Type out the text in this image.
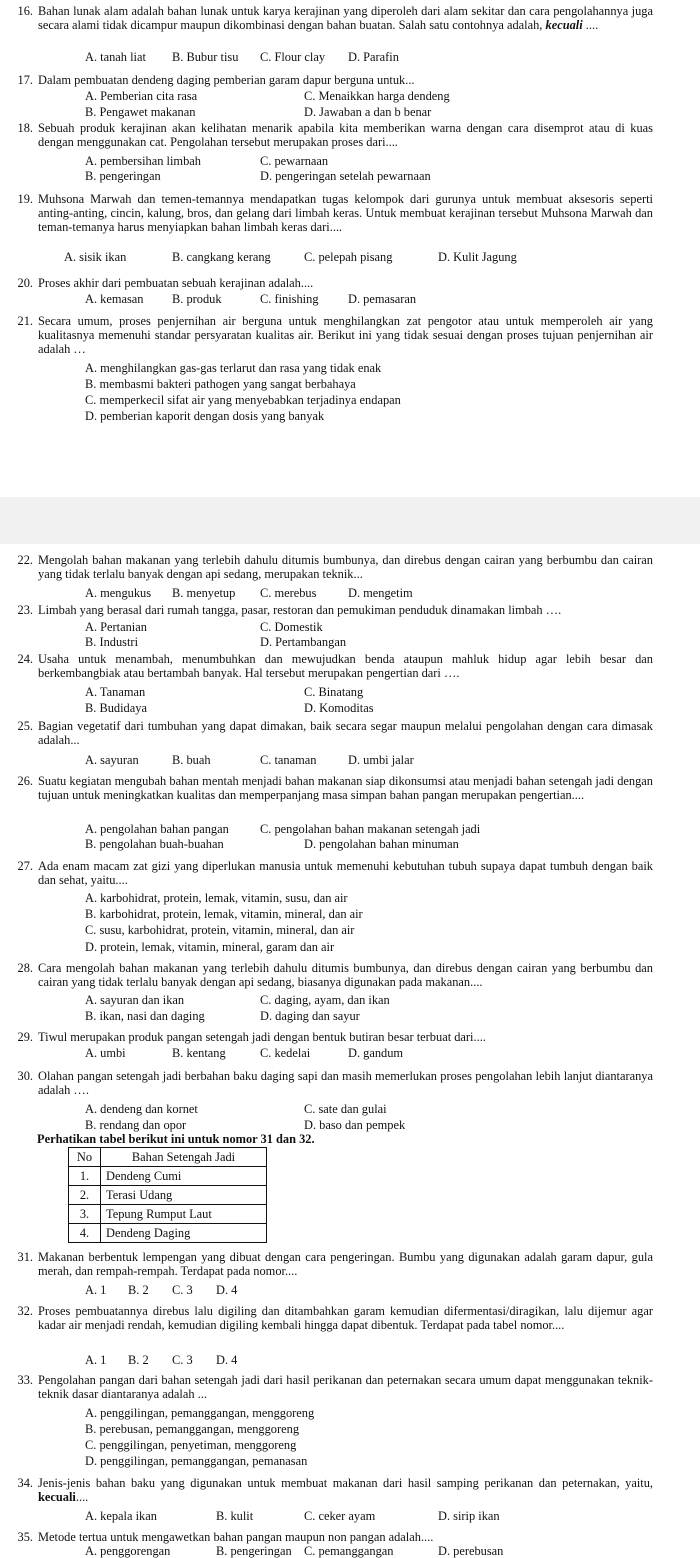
16. Bahan lunak alam adalah bahan lunak untuk karya kerajinan yang diperoleh dari alam sekitar dan cara pengolahannya juga secara alami tidak dicampur maupun dikombinasi dengan bahan buatan. Salah satu contohnya adalah, kecuali ....
A. tanah liat B. Bubur tisu C. Flour clay D. Parafin
17. Dalam pembuatan dendeng daging pemberian garam dapur berguna untuk...
A. Pemberian cita rasa	C. Menaikkan harga dendeng
B. Pengawet makanan	D. Jawaban a dan b benar
18. Sebuah produk kerajinan akan kelihatan menarik apabila kita memberikan warna dengan cara disemprot atau di kuas dengan menggunakan cat. Pengolahan tersebut merupakan proses dari....
A. pembersihan limbah	C. pewarnaan
B. pengeringan	D. pengeringan setelah pewarnaan
19. Muhsona Marwah dan temen-temannya mendapatkan tugas kelompok dari gurunya untuk membuat aksesoris seperti anting-anting, cincin, kalung, bros, dan gelang dari limbah keras. Untuk membuat kerajinan tersebut Muhsona Marwah dan teman-temanya harus menyiapkan bahan limbah keras dari....
A. sisik ikan	B. cangkang kerang	C. pelepah pisang	D. Kulit Jagung
20. Proses akhir dari pembuatan sebuah kerajinan adalah....
A. kemasan B. produk	C. finishing D. pemasaran
21. Secara umum, proses penjernihan air berguna untuk menghilangkan zat pengotor atau untuk memperoleh air yang kualitasnya memenuhi standar persyaratan kualitas air. Berikut ini yang tidak sesuai dengan proses tujuan penjernihan air adalah …
A. menghilangkan gas-gas terlarut dan rasa yang tidak enak
B. membasmi bakteri pathogen yang sangat berbahaya
C. memperkecil sifat air yang menyebabkan terjadinya endapan
D. pemberian kaporit dengan dosis yang banyak
22. Mengolah bahan makanan yang terlebih dahulu ditumis bumbunya, dan direbus dengan cairan yang berbumbu dan cairan yang tidak terlalu banyak dengan api sedang, merupakan teknik...
A. mengukus B. menyetup C. merebus	D. mengetim
23. Limbah yang berasal dari rumah tangga, pasar, restoran dan pemukiman penduduk dinamakan limbah ….
A. Pertanian	C. Domestik
B. Industri	D. Pertambangan
24. Usaha untuk menambah, menumbuhkan dan mewujudkan benda ataupun mahluk hidup agar lebih besar dan berkembangbiak atau bertambah banyak. Hal tersebut merupakan pengertian dari ….
A. Tanaman	C. Binatang
B. Budidaya	D. Komoditas
25. Bagian vegetatif dari tumbuhan yang dapat dimakan, baik secara segar maupun melalui pengolahan dengan cara dimasak adalah...
A. sayuran	B. buah	C. tanaman	D. umbi jalar
26. Suatu kegiatan mengubah bahan mentah menjadi bahan makanan siap dikonsumsi atau menjadi bahan setengah jadi dengan tujuan untuk meningkatkan kualitas dan memperpanjang masa simpan bahan pangan merupakan pengertian....
A. pengolahan bahan pangan	C. pengolahan bahan makanan setengah jadi
B. pengolahan buah-buahan	D. pengolahan bahan minuman
27. Ada enam macam zat gizi yang diperlukan manusia untuk memenuhi kebutuhan tubuh supaya dapat tumbuh dengan baik dan sehat, yaitu....
A. karbohidrat, protein, lemak, vitamin, susu, dan air
B. karbohidrat, protein, lemak, vitamin, mineral, dan air
C. susu, karbohidrat, protein, vitamin, mineral, dan air
D. protein, lemak, vitamin, mineral, garam dan air
28. Cara mengolah bahan makanan yang terlebih dahulu ditumis bumbunya, dan direbus dengan cairan yang berbumbu dan cairan yang tidak terlalu banyak dengan api sedang, biasanya digunakan pada makanan....
A. sayuran dan ikan	C. daging, ayam, dan ikan
B. ikan, nasi dan daging	D. daging dan sayur
29. Tiwul merupakan produk pangan setengah jadi dengan bentuk butiran besar terbuat dari....
A. umbi	B. kentang	C. kedelai	D. gandum
30. Olahan pangan setengah jadi berbahan baku daging sapi dan masih memerlukan proses pengolahan lebih lanjut diantaranya adalah ….
A. dendeng dan kornet	C. sate dan gulai
B. rendang dan opor	D. baso dan pempek
Perhatikan tabel berikut ini untuk nomor 31 dan 32.
No	Bahan Setengah Jadi
1.	Dendeng Cumi
2.	Terasi Udang
3.	Tepung Rumput Laut
4.	Dendeng Daging
31. Makanan berbentuk lempengan yang dibuat dengan cara pengeringan. Bumbu yang digunakan adalah garam dapur, gula merah, dan rempah-rempah. Terdapat pada nomor....
A. 1 B. 2 C. 3 D. 4
32. Proses pembuatannya direbus lalu digiling dan ditambahkan garam kemudian difermentasi/diragikan, lalu dijemur agar kadar air menjadi rendah, kemudian digiling kembali hingga dapat dibentuk. Terdapat pada tabel nomor....
A. 1 B. 2 C. 3 D. 4
33. Pengolahan pangan dari bahan setengah jadi dari hasil perikanan dan peternakan secara umum dapat menggunakan teknik-teknik dasar diantaranya adalah ...
A. penggilingan, pemanggangan, menggoreng
B. perebusan, pemanggangan, menggoreng
C. penggilingan, penyetiman, menggoreng
D. penggilingan, pemanggangan, pemanasan
34. Jenis-jenis bahan baku yang digunakan untuk membuat makanan dari hasil samping perikanan dan peternakan, yaitu, kecuali....
A. kepala ikan	B. kulit	C. ceker ayam	D. sirip ikan
35. Metode tertua untuk mengawetkan bahan pangan maupun non pangan adalah....
A. penggorengan	B. pengeringan C. pemanggangan	D. perebusan
